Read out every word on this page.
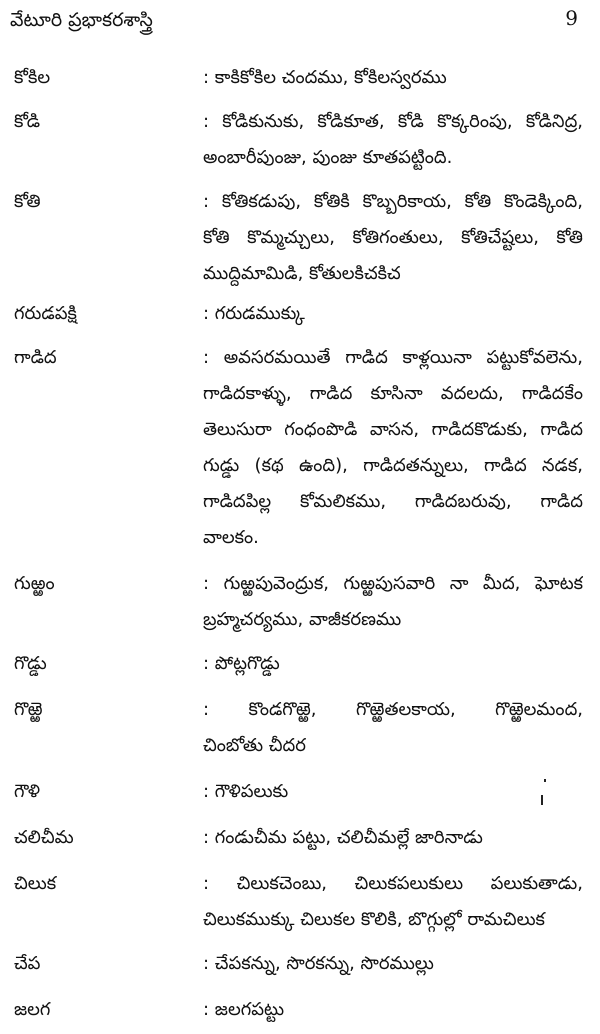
వేటూరి ప్రభాకరశాస్త్రి	9
కోకిల	: కాకికోకిల చందము, కోకిలస్వరము
కోడి	: కోడికునుకు, కోడికూత, కోడి కొక్కరింపు, కోడినిద్ర,
అంబారీపుంజు, పుంజు కూతపట్టింది.
కోతి	: కోతికడుపు, కోతికి కొబ్బరికాయ, కోతి కొండెక్కింది,
కోతి కొమ్మచ్చులు, కోతిగంతులు, కోతిచేష్టలు, కోతి
ముద్దిమామిడి, కోతులకిచకిచ
గరుడపక్షి	: గరుడముక్కు
గాడిద	: అవసరమయితే గాడిద కాళ్లయినా పట్టుకోవలెను,
గాడిదకాళ్ళు, గాడిద కూసినా వదలదు, గాడిదకేం
తెలుసురా గంధంపొడి వాసన, గాడిదకొడుకు, గాడిద
గుడ్డు (కథ ఉంది), గాడిదతన్నులు, గాడిద నడక,
గాడిదపిల్ల కోమలికము, గాడిదబరువు, గాడిద
వాలకం.
గుఱ్ఱం	: గుఱ్ఱపువెంద్రుక, గుఱ్ఱపుసవారి నా మీద, ఘోటక
బ్రహ్మచర్యము, వాజీకరణము
గొడ్డు	: పోట్లగొడ్డు
గొఱ్ఱె	: కొండగొఱ్ఱె, గొఱ్ఱెతలకాయ, గొఱ్ఱెలమంద,
చింబోతు చీదర
గౌళి	: గౌళిపలుకు
చలిచీమ	: గండుచీమ పట్టు, చలిచీమల్లే జారినాడు
చిలుక	: చిలుకచెంబు, చిలుకపలుకులు పలుకుతాడు,
చిలుకముక్కు చిలుకల కొలికి, బొగ్గుల్లో రామచిలుక
చేప	: చేపకన్ను, సొరకన్ను, సొరముల్లు
జలగ	: జలగపట్టు
